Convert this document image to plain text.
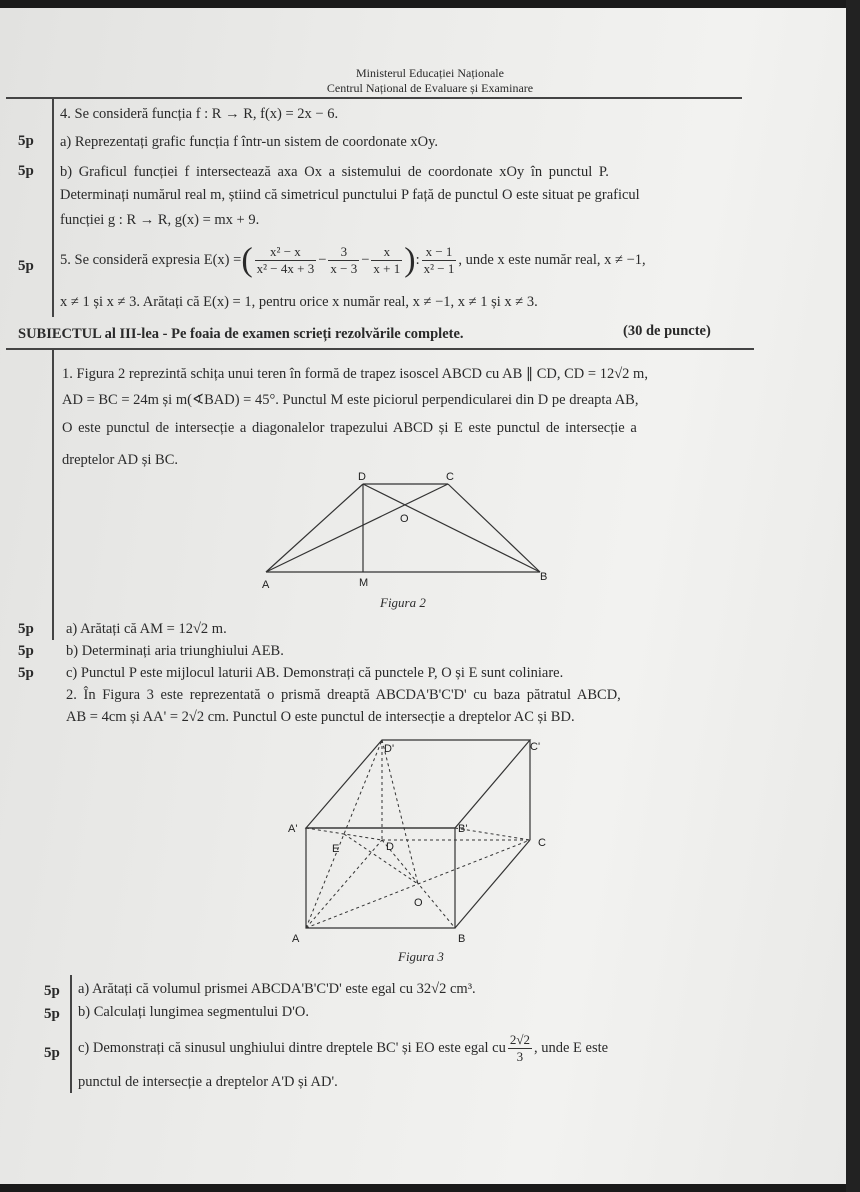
Ministerul Educației Naționale
Centrul Național de Evaluare și Examinare
4. Se consideră funcția f : R → R, f(x) = 2x − 6.
5p a) Reprezentați grafic funcția f într-un sistem de coordonate xOy.
5p b) Graficul funcției f intersectează axa Ox a sistemului de coordonate xOy în punctul P.
Determinați numărul real m, știind că simetricul punctului P față de punctul O este situat pe graficul
funcției g : R → R, g(x) = mx + 9.
5p 5. Se consideră expresia E(x) =( $\frac{\text{x² − x}}{\text{x² − 4x + 3}} - \frac{3}{x - 3} - \frac{x}{x + 1}$ ): $\frac{x - 1}{\text{x² − 1}}$ , unde x este număr real, x ≠ −1,
x ≠ 1 și x ≠ 3. Arătați că E(x) = 1, pentru orice x număr real, x ≠ −1, x ≠ 1 și x ≠ 3.
SUBIECTUL al III-lea - Pe foaia de examen scrieți rezolvările complete.	(30 de puncte)
1. Figura 2 reprezintă schița unui teren în formă de trapez isoscel ABCD cu AB ∥ CD, CD = 12√2 m,
AD = BC = 24m și m(∢BAD) = 45°. Punctul M este piciorul perpendicularei din D pe dreapta AB,
O este punctul de intersecție a diagonalelor trapezului ABCD și E este punctul de intersecție a
dreptelor AD și BC.
D	C
O
A	M	B
Figura 2
5p a) Arătați că AM = 12√2 m.
5p b) Determinați aria triunghiului AEB.
5p c) Punctul P este mijlocul laturii AB. Demonstrați că punctele P, O și E sunt coliniare.
2. În Figura 3 este reprezentată o prismă dreaptă ABCDA'B'C'D' cu baza pătratul ABCD,
AB = 4cm și AA' = 2√2 cm. Punctul O este punctul de intersecție a dreptelor AC și BD.
D'	C'
A'	B'
E	D	C
O
A	B
Figura 3
5p a) Arătați că volumul prismei ABCDA'B'C'D' este egal cu 32√2 cm³.
5p b) Calculați lungimea segmentului D'O.
5p c) Demonstrați că sinusul unghiului dintre dreptele BC' și EO este egal cu $\frac{2√2}{3}$ , unde E este
punctul de intersecție a dreptelor A'D și AD'.
